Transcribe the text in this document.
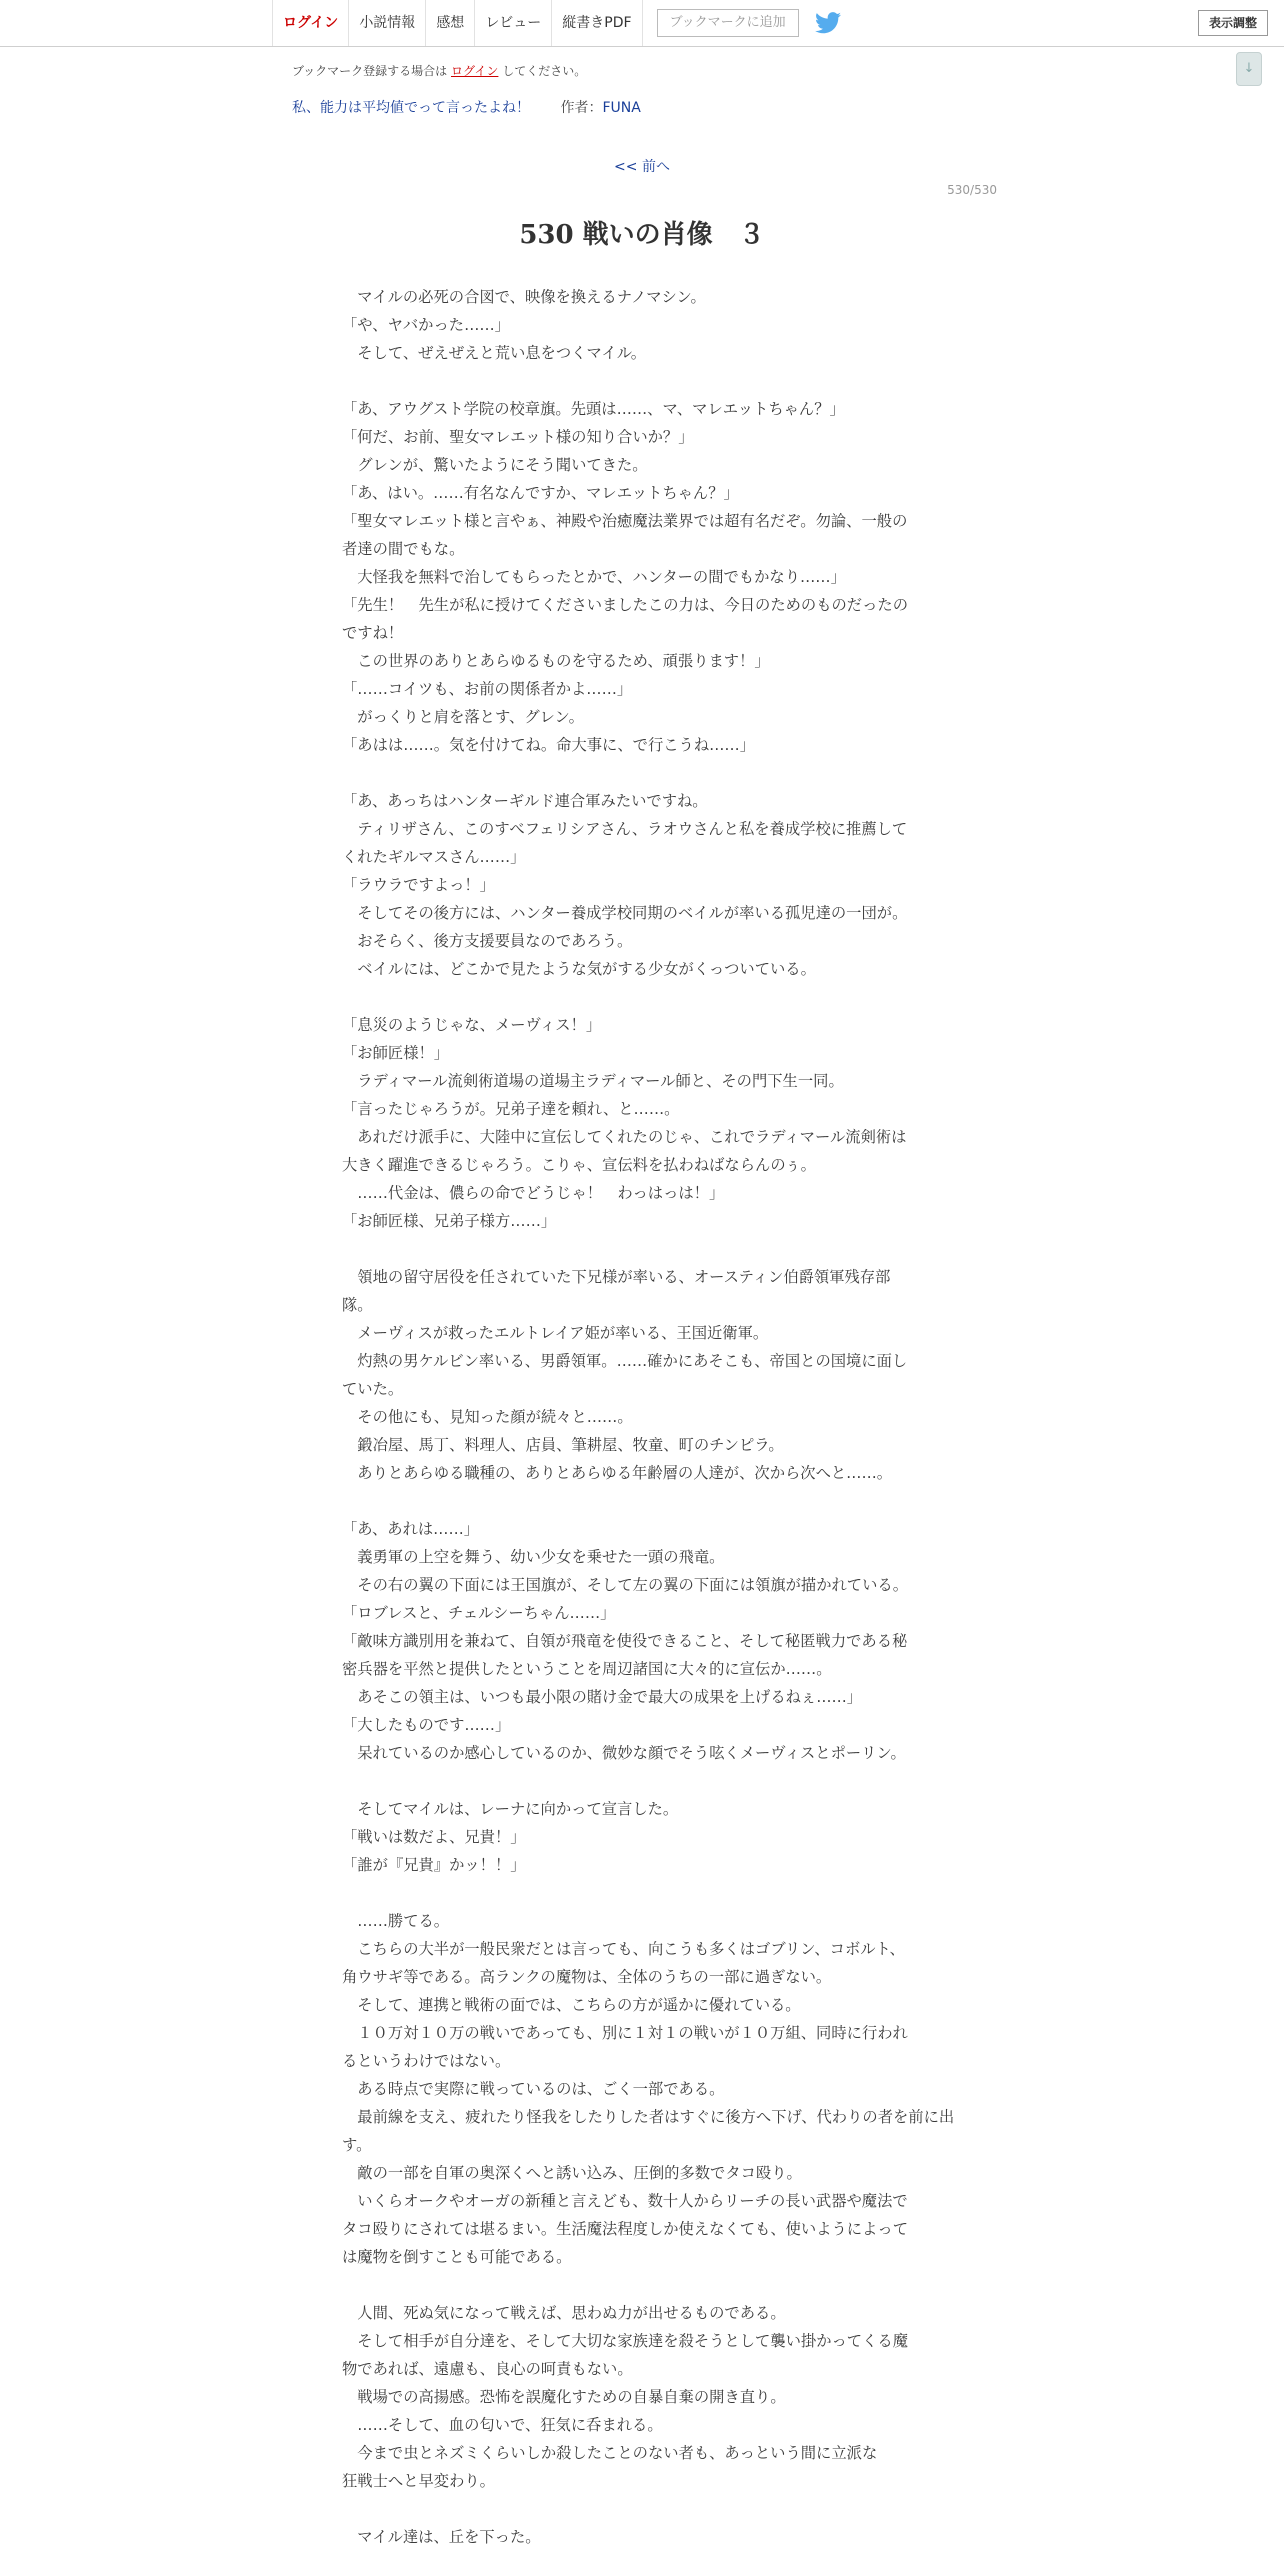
ログイン	小説情報	感想	レビュー	縦書きPDF	ブックマークに追加	表示調整
↓
ブックマーク登録する場合は ログイン してください。
私、能力は平均値でって言ったよね！ 作者：FUNA
<< 前へ
530/530
530 戦いの肖像　３

　マイルの必死の合図で、映像を換えるナノマシン。

「や、ヤバかった……」

　そして、ぜえぜえと荒い息をつくマイル。

「あ、アウグスト学院の校章旗。先頭は……、マ、マレエットちゃん？」

「何だ、お前、聖女マレエット様の知り合いか？」

　グレンが、驚いたようにそう聞いてきた。

「あ、はい。……有名なんですか、マレエットちゃん？」

「聖女マレエット様と言やぁ、神殿や治癒魔法業界では超有名だぞ。勿論、一般の

者達の間でもな。

　大怪我を無料で治してもらったとかで、ハンターの間でもかなり……」

「先生！　先生が私に授けてくださいましたこの力は、今日のためのものだったの

ですね！

　この世界のありとあらゆるものを守るため、頑張ります！」

「……コイツも、お前の関係者かよ……」

　がっくりと肩を落とす、グレン。

「あはは……。気を付けてね。命大事に、で行こうね……」

「あ、あっちはハンターギルド連合軍みたいですね。

　ティリザさん、このすべフェリシアさん、ラオウさんと私を養成学校に推薦して

くれたギルマスさん……」

「ラウラですよっ！」

　そしてその後方には、ハンター養成学校同期のベイルが率いる孤児達の一団が。

　おそらく、後方支援要員なのであろう。

　ベイルには、どこかで見たような気がする少女がくっついている。

「息災のようじゃな、メーヴィス！」

「お師匠様！」

　ラディマール流剣術道場の道場主ラディマール師と、その門下生一同。

「言ったじゃろうが。兄弟子達を頼れ、と……。

　あれだけ派手に、大陸中に宣伝してくれたのじゃ、これでラディマール流剣術は

大きく躍進できるじゃろう。こりゃ、宣伝料を払わねばならんのぅ。

　……代金は、儂らの命でどうじゃ！　わっはっは！」

「お師匠様、兄弟子様方……」

　領地の留守居役を任されていた下兄様が率いる、オースティン伯爵領軍残存部

隊。

　メーヴィスが救ったエルトレイア姫が率いる、王国近衛軍。

　灼熱の男ケルビン率いる、男爵領軍。……確かにあそこも、帝国との国境に面し

ていた。

　その他にも、見知った顔が続々と……。

　鍛冶屋、馬丁、料理人、店員、筆耕屋、牧童、町のチンピラ。

　ありとあらゆる職種の、ありとあらゆる年齢層の人達が、次から次へと……。

「あ、あれは……」

　義勇軍の上空を舞う、幼い少女を乗せた一頭の飛竜。

　その右の翼の下面には王国旗が、そして左の翼の下面には領旗が描かれている。

「ロブレスと、チェルシーちゃん……」

「敵味方識別用を兼ねて、自領が飛竜を使役できること、そして秘匿戦力である秘

密兵器を平然と提供したということを周辺諸国に大々的に宣伝か……。

　あそこの領主は、いつも最小限の賭け金で最大の成果を上げるねぇ……」

「大したものです……」

　呆れているのか感心しているのか、微妙な顔でそう呟くメーヴィスとポーリン。

　そしてマイルは、レーナに向かって宣言した。

「戦いは数だよ、兄貴！」

「誰が『兄貴』かッ！！」

　……勝てる。

　こちらの大半が一般民衆だとは言っても、向こうも多くはゴブリン、コボルト、

角ウサギ等である。高ランクの魔物は、全体のうちの一部に過ぎない。

　そして、連携と戦術の面では、こちらの方が遥かに優れている。

　１０万対１０万の戦いであっても、別に１対１の戦いが１０万組、同時に行われ

るというわけではない。

　ある時点で実際に戦っているのは、ごく一部である。

　最前線を支え、疲れたり怪我をしたりした者はすぐに後方へ下げ、代わりの者を前に出

す。

　敵の一部を自軍の奥深くへと誘い込み、圧倒的多数でタコ殴り。

　いくらオークやオーガの新種と言えども、数十人からリーチの長い武器や魔法で

タコ殴りにされては堪るまい。生活魔法程度しか使えなくても、使いようによって

は魔物を倒すことも可能である。

　人間、死ぬ気になって戦えば、思わぬ力が出せるものである。

　そして相手が自分達を、そして大切な家族達を殺そうとして襲い掛かってくる魔

物であれば、遠慮も、良心の呵責もない。

　戦場での高揚感。恐怖を誤魔化すための自暴自棄の開き直り。

　……そして、血の匂いで、狂気に呑まれる。

　今まで虫とネズミくらいしか殺したことのない者も、あっという間に立派な

狂戦士へと早変わり。

　マイル達は、丘を下った。
